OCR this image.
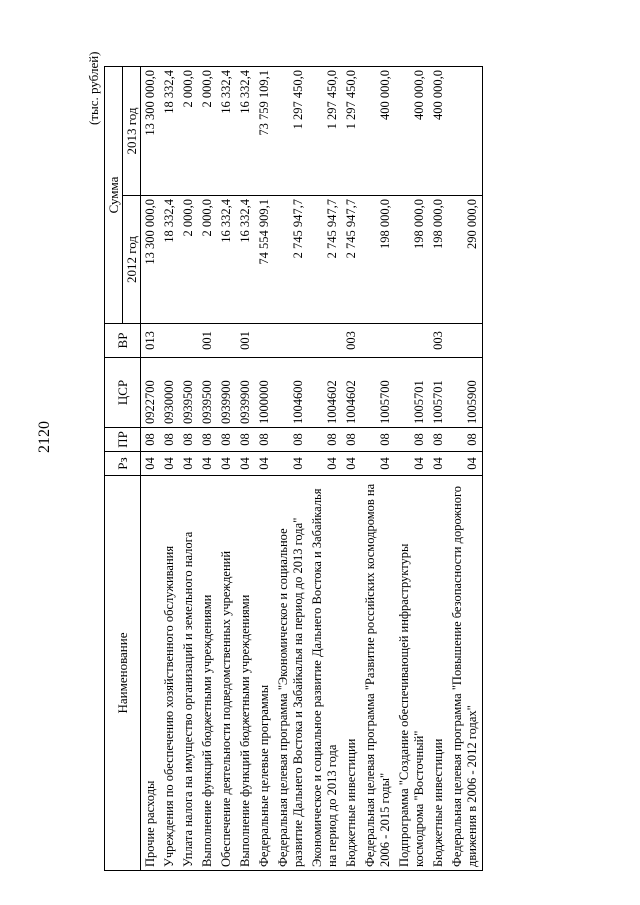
2120
(тыс. рублей)
Наименование	Рз	ПР	ЦСР	ВР	Сумма	
					2012 год	2013 год
Прочие расходы	04	08	0922700	013	13 300 000,0	13 300 000,0
Учреждения по обеспечению хозяйственного обслуживания	04	08	0930000		18 332,4	18 332,4
Уплата налога на имущество организаций и земельного налога	04	08	0939500		2 000,0	2 000,0
Выполнение функций бюджетными учреждениями	04	08	0939500	001	2 000,0	2 000,0
Обеспечение деятельности подведомственных учреждений	04	08	0939900		16 332,4	16 332,4
Выполнение функций бюджетными учреждениями	04	08	0939900	001	16 332,4	16 332,4
Федеральные целевые программы	04	08	1000000		74 554 909,1	73 759 109,1
Федеральная целевая программа "Экономическое и социальное развитие Дальнего Востока и Забайкалья на период до 2013 года"	04	08	1004600		2 745 947,7	1 297 450,0
Экономическое и социальное развитие Дальнего Востока и Забайкалья на период до 2013 года	04	08	1004602		2 745 947,7	1 297 450,0
Бюджетные инвестиции	04	08	1004602	003	2 745 947,7	1 297 450,0
Федеральная целевая программа "Развитие российских космодромов на 2006 - 2015 годы"	04	08	1005700		198 000,0	400 000,0
Подпрограмма "Создание обеспечивающей инфраструктуры космодрома "Восточный"	04	08	1005701		198 000,0	400 000,0
Бюджетные инвестиции	04	08	1005701	003	198 000,0	400 000,0
Федеральная целевая программа "Повышение безопасности дорожного движения в 2006 - 2012 годах"	04	08	1005900		290 000,0	
